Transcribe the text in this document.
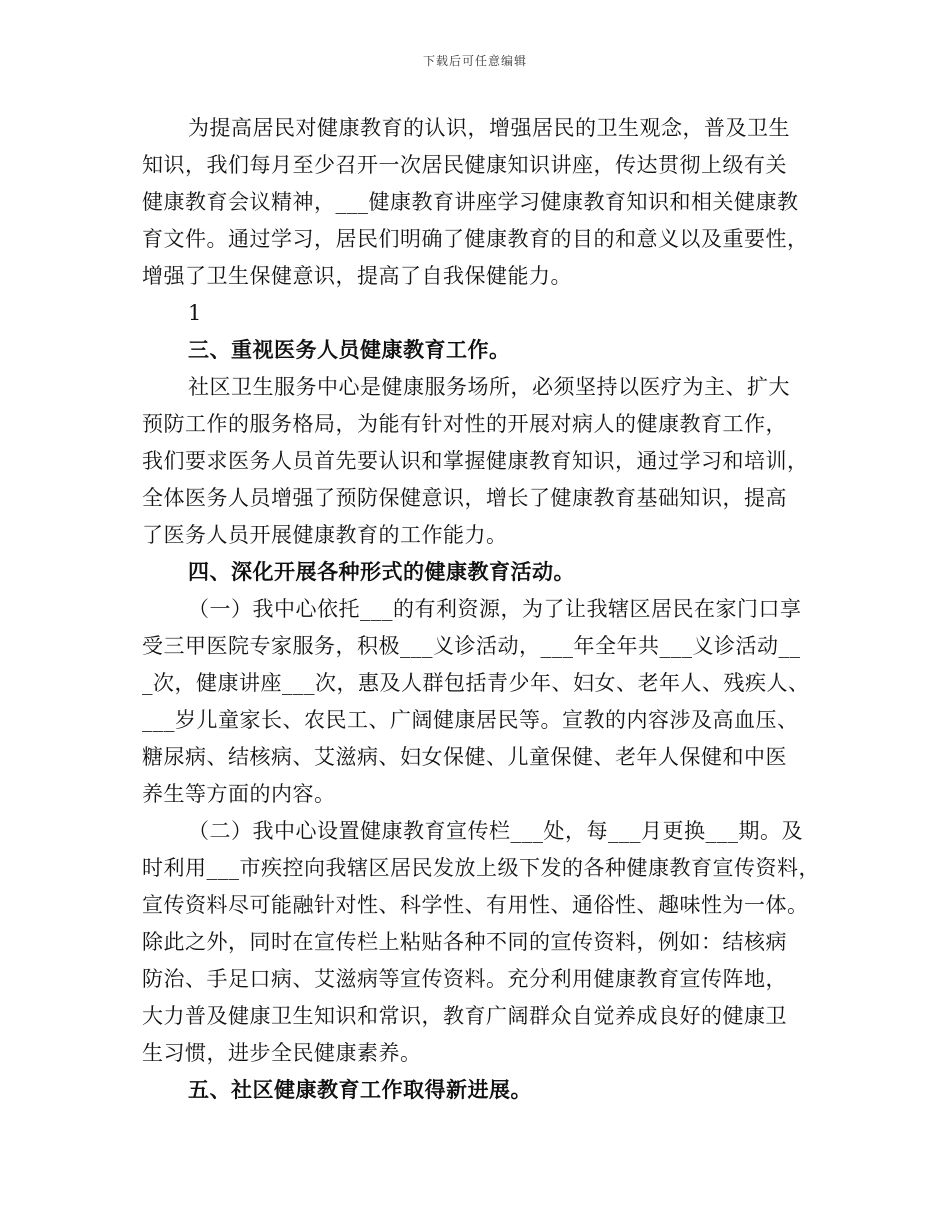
下载后可任意编辑
为提高居民对健康教育的认识，增强居民的卫生观念，普及卫生
知识，我们每月至少召开一次居民健康知识讲座，传达贯彻上级有关
健康教育会议精神，___健康教育讲座学习健康教育知识和相关健康教
育文件。通过学习，居民们明确了健康教育的目的和意义以及重要性，
增强了卫生保健意识，提高了自我保健能力。
1
三、重视医务人员健康教育工作。
社区卫生服务中心是健康服务场所，必须坚持以医疗为主、扩大
预防工作的服务格局，为能有针对性的开展对病人的健康教育工作，
我们要求医务人员首先要认识和掌握健康教育知识，通过学习和培训，
全体医务人员增强了预防保健意识，增长了健康教育基础知识，提高
了医务人员开展健康教育的工作能力。
四、深化开展各种形式的健康教育活动。
（一）我中心依托___的有利资源，为了让我辖区居民在家门口享
受三甲医院专家服务，积极___义诊活动，___年全年共___义诊活动__
_次，健康讲座___次，惠及人群包括青少年、妇女、老年人、残疾人、
___岁儿童家长、农民工、广阔健康居民等。宣教的内容涉及高血压、
糖尿病、结核病、艾滋病、妇女保健、儿童保健、老年人保健和中医
养生等方面的内容。
（二）我中心设置健康教育宣传栏___处，每___月更换___期。及
时利用___市疾控向我辖区居民发放上级下发的各种健康教育宣传资料，
宣传资料尽可能融针对性、科学性、有用性、通俗性、趣味性为一体。
除此之外，同时在宣传栏上粘贴各种不同的宣传资料，例如：结核病
防治、手足口病、艾滋病等宣传资料。充分利用健康教育宣传阵地，
大力普及健康卫生知识和常识，教育广阔群众自觉养成良好的健康卫
生习惯，进步全民健康素养。
五、社区健康教育工作取得新进展。
